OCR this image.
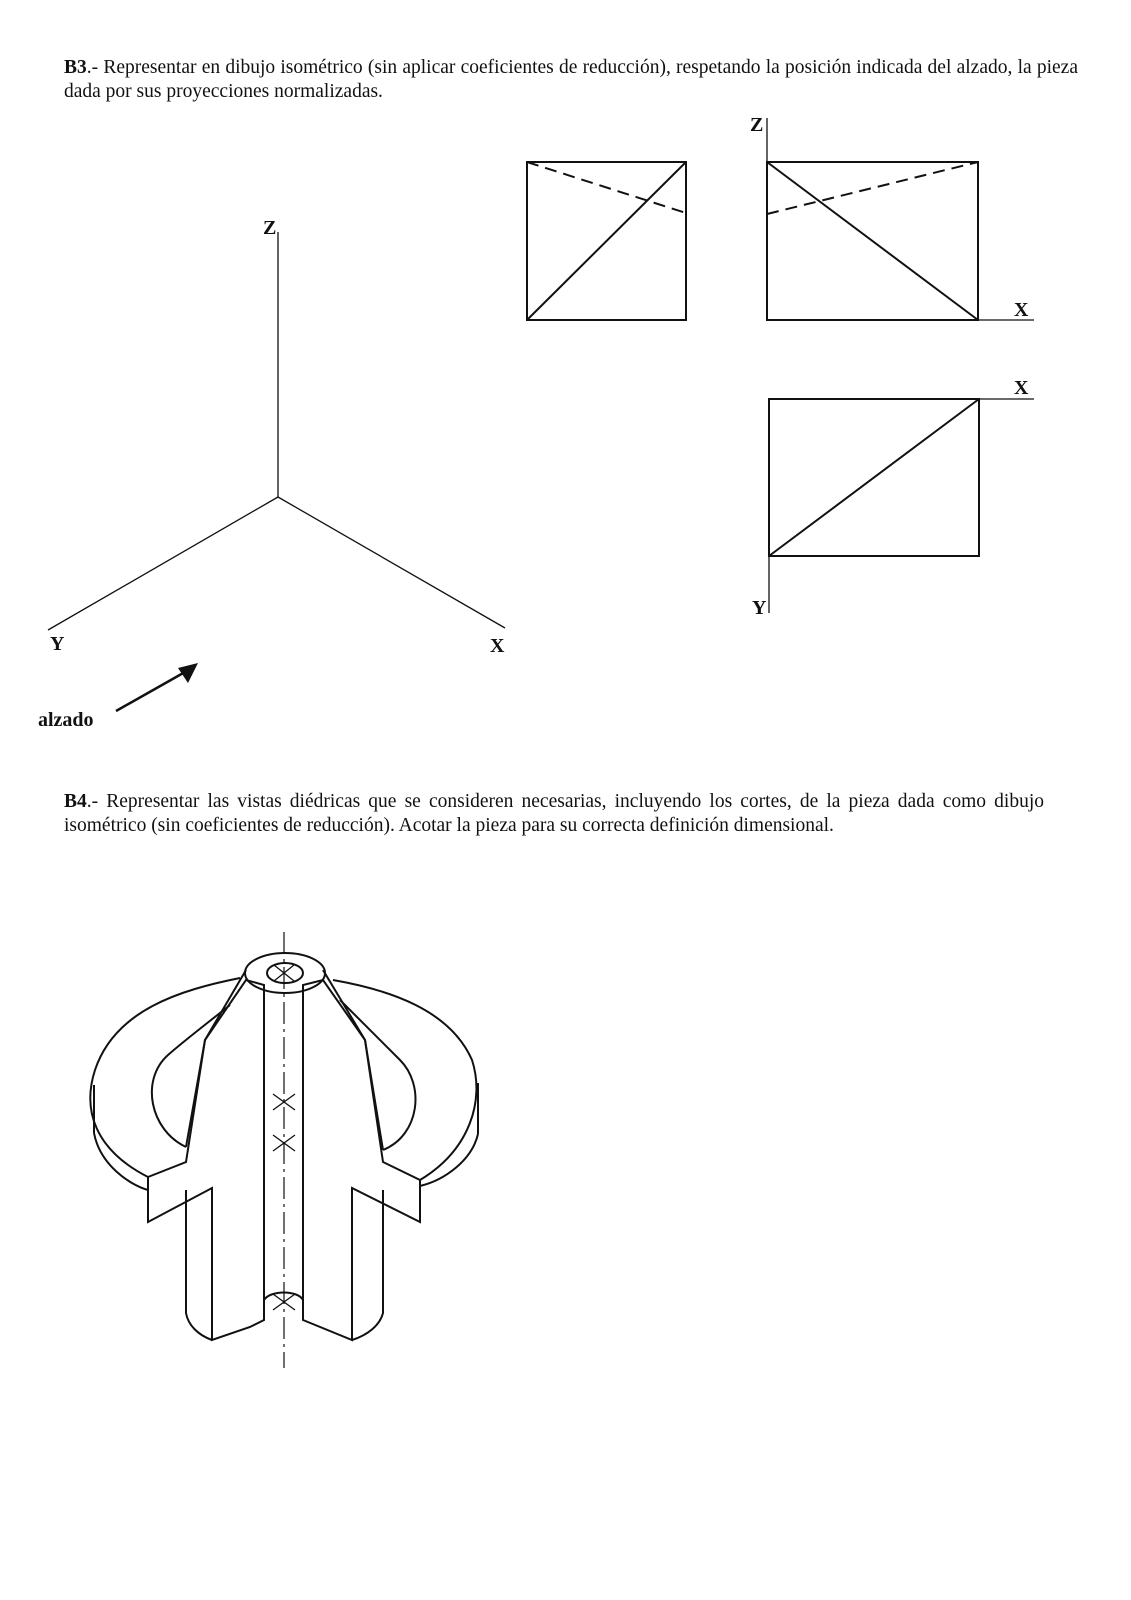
B3.- Representar en dibujo isométrico (sin aplicar coeficientes de reducción), respetando la posición indicada del alzado, la pieza dada por sus proyecciones normalizadas.
B4.- Representar las vistas diédricas que se consideren necesarias, incluyendo los cortes, de la pieza dada como dibujo isométrico (sin coeficientes de reducción). Acotar la pieza para su correcta definición dimensional.
Z
Y	X
alzado
Z
X
X
Y
